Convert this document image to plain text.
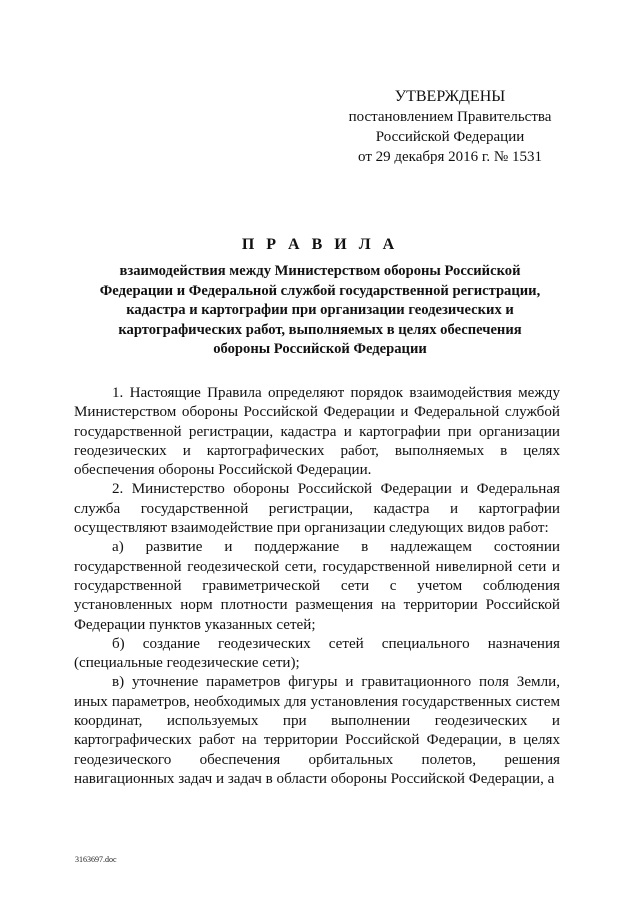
УТВЕРЖДЕНЫ
постановлением Правительства
Российской Федерации
от 29 декабря 2016 г. № 1531
П Р А В И Л А
взаимодействия между Министерством обороны Российской Федерации и Федеральной службой государственной регистрации, кадастра и картографии при организации геодезических и картографических работ, выполняемых в целях обеспечения обороны Российской Федерации

1. Настоящие Правила определяют порядок взаимодействия между Министерством обороны Российской Федерации и Федеральной службой государственной регистрации, кадастра и картографии при организации геодезических и картографических работ, выполняемых в целях обеспечения обороны Российской Федерации.

2. Министерство обороны Российской Федерации и Федеральная служба государственной регистрации, кадастра и картографии осуществляют взаимодействие при организации следующих видов работ:

а) развитие и поддержание в надлежащем состоянии государственной геодезической сети, государственной нивелирной сети и государственной гравиметрической сети с учетом соблюдения установленных норм плотности размещения на территории Российской Федерации пунктов указанных сетей;

б) создание геодезических сетей специального назначения (специальные геодезические сети);

в) уточнение параметров фигуры и гравитационного поля Земли, иных параметров, необходимых для установления государственных систем координат, используемых при выполнении геодезических и картографических работ на территории Российской Федерации, в целях геодезического обеспечения орбитальных полетов, решения навигационных задач и задач в области обороны Российской Федерации, а

3163697.doc
